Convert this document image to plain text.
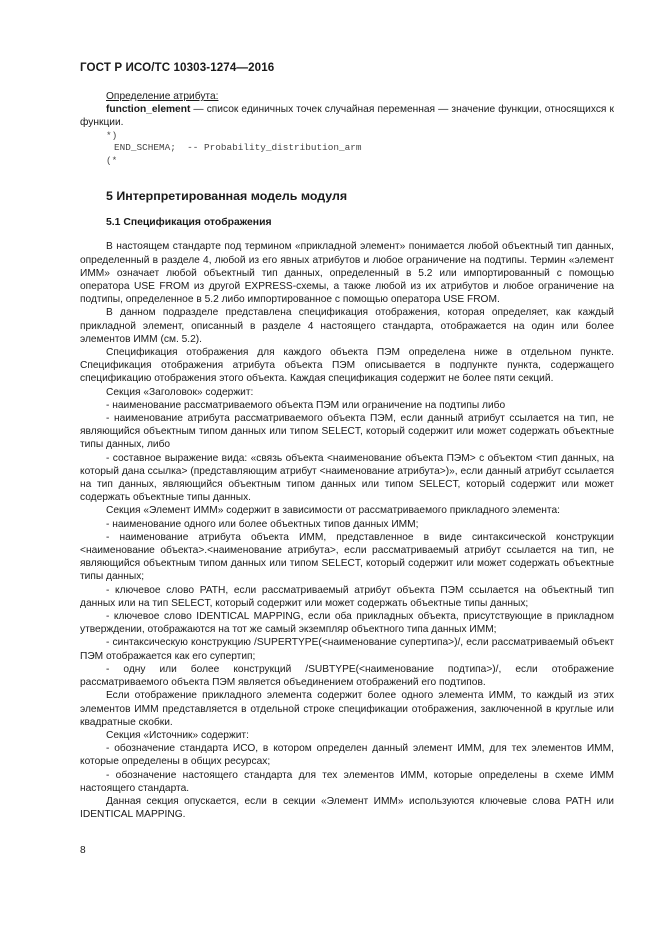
ГОСТ Р ИСО/ТС 10303-1274—2016

Определение атрибута:

function_element — список единичных точек случайная переменная — значение функции, относящихся к функции.

*)
END_SCHEMA;  -- Probability_distribution_arm
(*
5 Интерпретированная модель модуля
5.1 Спецификация отображения

В настоящем стандарте под термином «прикладной элемент» понимается любой объектный тип данных, определенный в разделе 4, любой из его явных атрибутов и любое ограничение на подтипы. Термин «элемент ИММ» означает любой объектный тип данных, определенный в 5.2 или импортированный с помощью оператора USE FROM из другой EXPRESS-схемы, а также любой из их атрибутов и любое ограничение на подтипы, определенное в 5.2 либо импортированное с помощью оператора USE FROM.

В данном подразделе представлена спецификация отображения, которая определяет, как каждый прикладной элемент, описанный в разделе 4 настоящего стандарта, отображается на один или более элементов ИММ (см. 5.2).

Спецификация отображения для каждого объекта ПЭМ определена ниже в отдельном пункте. Спецификация отображения атрибута объекта ПЭМ описывается в подпункте пункта, содержащего спецификацию отображения этого объекта. Каждая спецификация содержит не более пяти секций.

Секция «Заголовок» содержит:

- наименование рассматриваемого объекта ПЭМ или ограничение на подтипы либо

- наименование атрибута рассматриваемого объекта ПЭМ, если данный атрибут ссылается на тип, не являющийся объектным типом данных или типом SELECT, который содержит или может содержать объектные типы данных, либо

- составное выражение вида: «связь объекта <наименование объекта ПЭМ> с объектом <тип данных, на который дана ссылка> (представляющим атрибут <наименование атрибута>)», если данный атрибут ссылается на тип данных, являющийся объектным типом данных или типом SELECT, который содержит или может содержать объектные типы данных.

Секция «Элемент ИММ» содержит в зависимости от рассматриваемого прикладного элемента:

- наименование одного или более объектных типов данных ИММ;

- наименование атрибута объекта ИММ, представленное в виде синтаксической конструкции <наименование объекта>.<наименование атрибута>, если рассматриваемый атрибут ссылается на тип, не являющийся объектным типом данных или типом SELECT, который содержит или может содержать объектные типы данных;

- ключевое слово PATH, если рассматриваемый атрибут объекта ПЭМ ссылается на объектный тип данных или на тип SELECT, который содержит или может содержать объектные типы данных;

- ключевое слово IDENTICAL MAPPING, если оба прикладных объекта, присутствующие в прикладном утверждении, отображаются на тот же самый экземпляр объектного типа данных ИММ;

- синтаксическую конструкцию /SUPERTYPE(<наименование супертипа>)/, если рассматриваемый объект ПЭМ отображается как его супертип;

- одну или более конструкций /SUBTYPE(<наименование подтипа>)/, если отображение рассматриваемого объекта ПЭМ является объединением отображений его подтипов.

Если отображение прикладного элемента содержит более одного элемента ИММ, то каждый из этих элементов ИММ представляется в отдельной строке спецификации отображения, заключенной в круглые или квадратные скобки.

Секция «Источник» содержит:

- обозначение стандарта ИСО, в котором определен данный элемент ИММ, для тех элементов ИММ, которые определены в общих ресурсах;

- обозначение настоящего стандарта для тех элементов ИММ, которые определены в схеме ИММ настоящего стандарта.

Данная секция опускается, если в секции «Элемент ИММ» используются ключевые слова PATH или IDENTICAL MAPPING.

8
